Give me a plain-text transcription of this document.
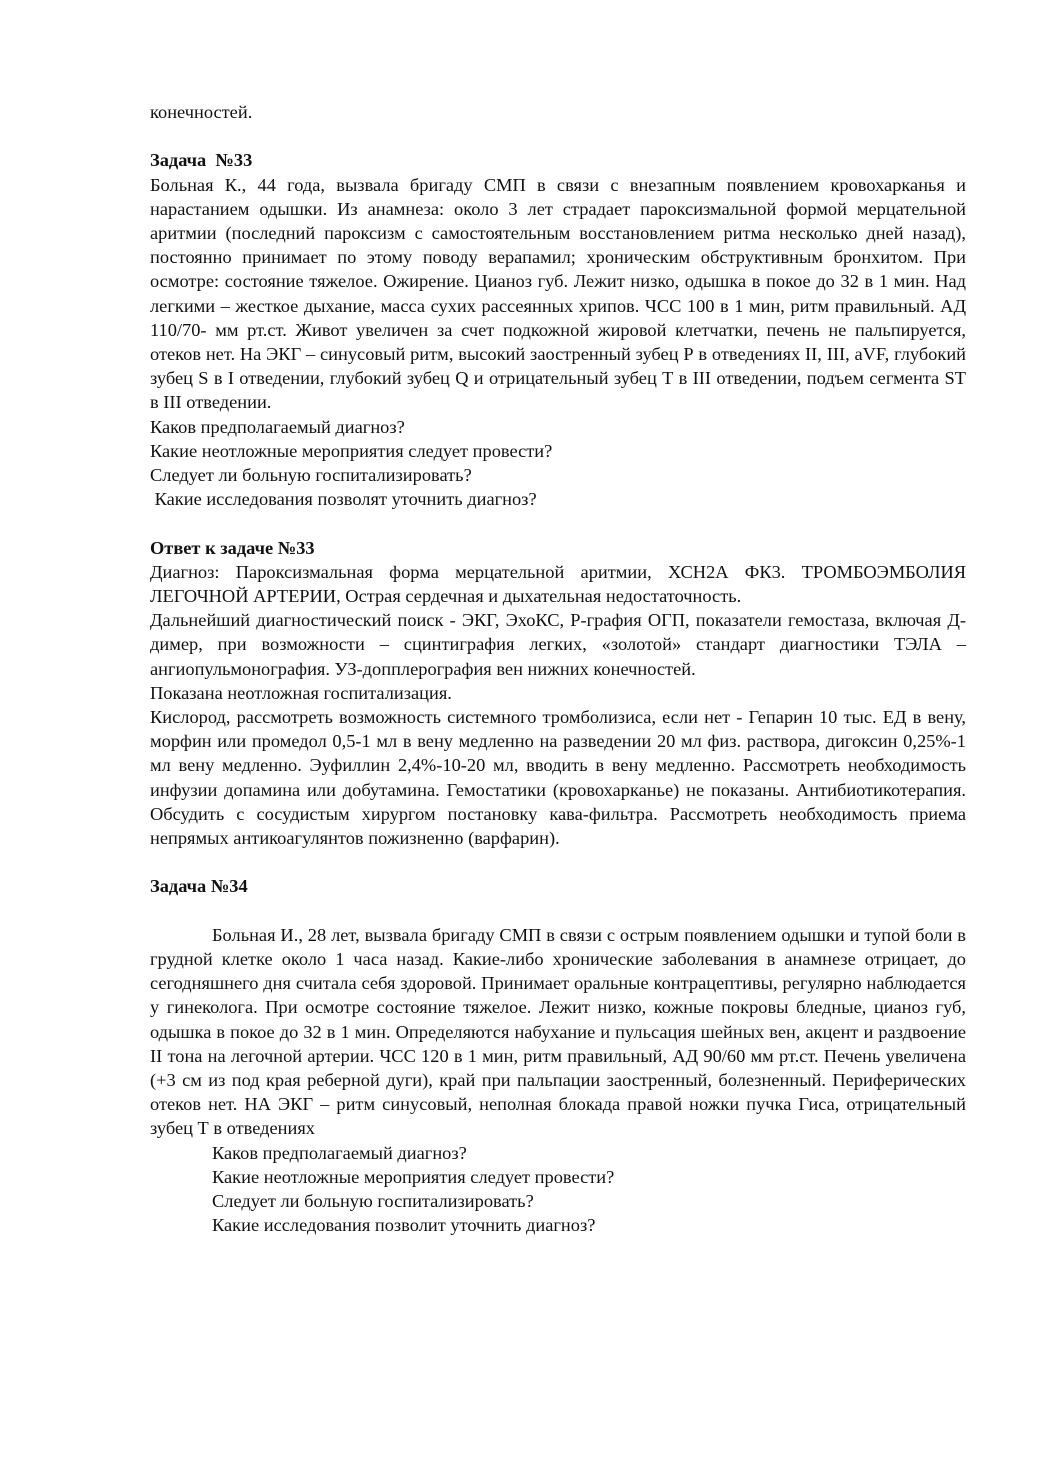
конечностей.

Задача  №33

Больная К., 44 года, вызвала бригаду СМП в связи с внезапным появлением кровохарканья и нарастанием одышки. Из анамнеза: около 3 лет страдает пароксизмальной формой мерцательной аритмии (последний пароксизм с самостоятельным восстановлением ритма несколько дней назад), постоянно принимает по этому поводу верапамил; хроническим обструктивным бронхитом. При осмотре: состояние тяжелое. Ожирение. Цианоз губ. Лежит низко, одышка в покое до 32 в 1 мин. Над легкими – жесткое дыхание, масса сухих рассеянных хрипов. ЧСС 100 в 1 мин, ритм правильный. АД 110/70- мм рт.ст. Живот увеличен за счет подкожной жировой клетчатки, печень не пальпируется, отеков нет. На ЭКГ – синусовый ритм, высокий заостренный зубец Р в отведениях II, III, aVF, глубокий зубец S в I отведении, глубокий зубец Q и отрицательный зубец Т в III отведении, подъем сегмента ST в III отведении.

Каков предполагаемый диагноз?

Какие неотложные мероприятия следует провести?

Следует ли больную госпитализировать?

Какие исследования позволят уточнить диагноз?

Ответ к задаче №33

Диагноз: Пароксизмальная форма мерцательной аритмии, ХСН2А ФК3. ТРОМБОЭМБОЛИЯ ЛЕГОЧНОЙ АРТЕРИИ, Острая сердечная и дыхательная недостаточность.

Дальнейший диагностический поиск - ЭКГ, ЭхоКС, Р-графия ОГП, показатели гемостаза, включая Д-димер, при возможности – сцинтиграфия легких, «золотой» стандарт диагностики ТЭЛА – ангиопульмонография. УЗ-допплерография вен нижних конечностей.

Показана неотложная госпитализация.

Кислород, рассмотреть возможность системного тромболизиса, если нет - Гепарин 10 тыс. ЕД в вену, морфин или промедол 0,5-1 мл в вену медленно на разведении 20 мл физ. раствора, дигоксин 0,25%-1 мл вену медленно. Эуфиллин 2,4%-10-20 мл, вводить в вену медленно. Рассмотреть необходимость инфузии допамина или добутамина. Гемостатики (кровохарканье) не показаны. Антибиотикотерапия. Обсудить с сосудистым хирургом постановку кава-фильтра. Рассмотреть необходимость приема непрямых антикоагулянтов пожизненно (варфарин).

Задача №34

Больная И., 28 лет, вызвала бригаду СМП в связи с острым появлением одышки и тупой боли в грудной клетке около 1 часа назад. Какие-либо хронические заболевания в анамнезе отрицает, до сегодняшнего дня считала себя здоровой. Принимает оральные контрацептивы, регулярно наблюдается у гинеколога. При осмотре состояние тяжелое. Лежит низко, кожные покровы бледные, цианоз губ, одышка в покое до 32 в 1 мин. Определяются набухание и пульсация шейных вен, акцент и раздвоение II тона на легочной артерии. ЧСС 120 в 1 мин, ритм правильный, АД 90/60 мм рт.ст. Печень увеличена (+3 см из под края реберной дуги), край при пальпации заостренный, болезненный. Периферических отеков нет. НА ЭКГ – ритм синусовый, неполная блокада правой ножки пучка Гиса, отрицательный зубец Т в отведениях

Каков предполагаемый диагноз?

Какие неотложные мероприятия следует провести?

Следует ли больную госпитализировать?

Какие исследования позволит уточнить диагноз?
